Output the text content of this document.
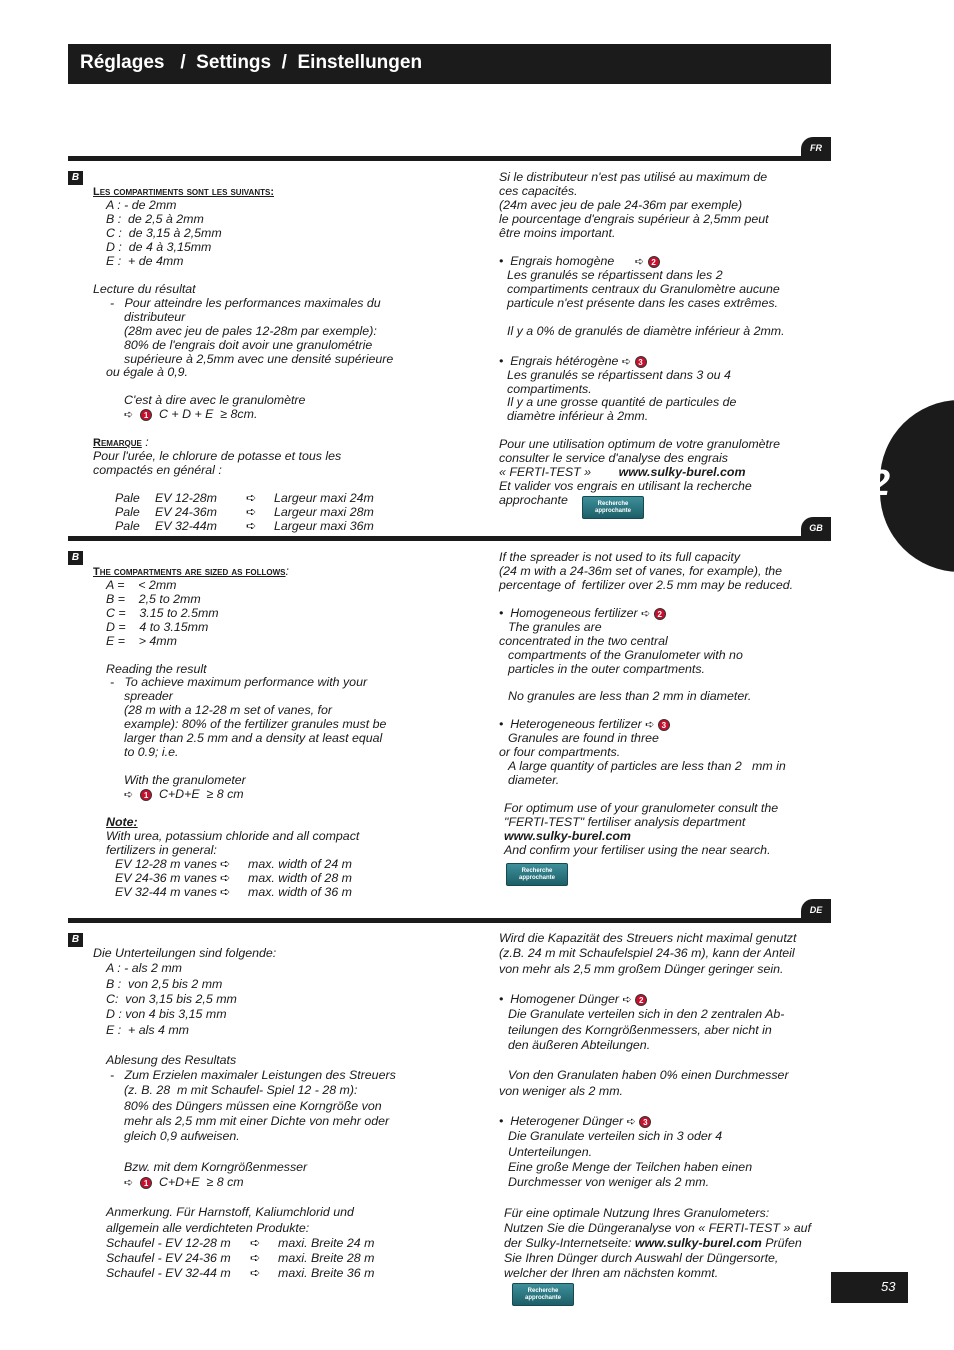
Réglages   /  Settings  /  Einstellungen
2
FR
B
Les compartiments sont les suivants:
A : - de 2mm
B :  de 2,5 à 2mm
C :  de 3,15 à 2,5mm
D :  de 4 à 3,15mm
E :  + de 4mm
Lecture du résultat
-   Pour atteindre les performances maximales du
distributeur
(28m avec jeu de pales 12-28m par exemple):
80% de l'engrais doit avoir une granulométrie
supérieure à 2,5mm avec une densité supérieure
ou égale à 0,9.
C'est à dire avec le granulomètre
➪ 1 C + D + E  ≥ 8cm.
Remarque :
Pour l'urée, le chlorure de potasse et tous les
compactés en général :
Pale EV 12-28m ➪ Largeur maxi 24m
Pale EV 24-36m ➪ Largeur maxi 28m
Pale EV 32-44m ➪ Largeur maxi 36m
Si le distributeur n'est pas utilisé au maximum de
ces capacités.
(24m avec jeu de pale 24-36m par exemple)
le pourcentage d'engrais supérieur à 2,5mm peut
être moins important.
•  Engrais homogène ➪ 2
Les granulés se répartissent dans les 2
compartiments centraux du Granulomètre aucune
particule n'est présente dans les cases extrêmes.
Il y a 0% de granulés de diamètre inférieur à 2mm.
•  Engrais hétérogène ➪ 3
Les granulés se répartissent dans 3 ou 4
compartiments.
Il y a une grosse quantité de particules de
diamètre inférieur à 2mm.
Pour une utilisation optimum de votre granulomètre
consulter le service d'analyse des engrais
« FERTI-TEST » www.sulky-burel.com
Et valider vos engrais en utilisant la recherche
approchante	Recherche
approchante
GB
B
The compartments are sized as follows:
A =    < 2mm
B =    2,5 to 2mm
C =    3.15 to 2.5mm
D =    4 to 3.15mm
E =    > 4mm
Reading the result
-   To achieve maximum performance with your
spreader
(28 m with a 12-28 m set of vanes, for
example): 80% of the fertilizer granules must be
larger than 2.5 mm and a density at least equal
to 0.9; i.e.
With the granulometer
➪ 1 C+D+E  ≥ 8 cm
Note:
With urea, potassium chloride and all compact
fertilizers in general:
EV 12-28 m vanes ➪ max. width of 24 m
EV 24-36 m vanes ➪ max. width of 28 m
EV 32-44 m vanes ➪ max. width of 36 m
If the spreader is not used to its full capacity
(24 m with a 24-36m set of vanes, for example), the
percentage of  fertilizer over 2.5 mm may be reduced.
•  Homogeneous fertilizer ➪ 2
The granules are
concentrated in the two central
compartments of the Granulometer with no
particles in the outer compartments.
No granules are less than 2 mm in diameter.
•  Heterogeneous fertilizer ➪ 3
Granules are found in three
or four compartments.
A large quantity of particles are less than 2   mm in
diameter.
For optimum use of your granulometer consult the
"FERTI-TEST" fertiliser analysis department
www.sulky-burel.com
And confirm your fertiliser using the near search.
Recherche
approchante
DE
B
Die Unterteilungen sind folgende:
A : - als 2 mm
B :  von 2,5 bis 2 mm
C:  von 3,15 bis 2,5 mm
D : von 4 bis 3,15 mm
E :  + als 4 mm
Ablesung des Resultats
-   Zum Erzielen maximaler Leistungen des Streuers
(z. B. 28  m mit Schaufel- Spiel 12 - 28 m):
80% des Düngers müssen eine Korngröße von
mehr als 2,5 mm mit einer Dichte von mehr oder
gleich 0,9 aufweisen.
Bzw. mit dem Korngrößenmesser
➪ 1 C+D+E  ≥ 8 cm
Anmerkung. Für Harnstoff, Kaliumchlorid und
allgemein alle verdichteten Produkte:
Schaufel - EV 12-28 m ➪ maxi. Breite 24 m
Schaufel - EV 24-36 m ➪ maxi. Breite 28 m
Schaufel - EV 32-44 m ➪ maxi. Breite 36 m
Wird die Kapazität des Streuers nicht maximal genutzt
(z.B. 24 m mit Schaufelspiel 24-36 m), kann der Anteil
von mehr als 2,5 mm großem Dünger geringer sein.
•  Homogener Dünger ➪ 2
Die Granulate verteilen sich in den 2 zentralen Ab-
teilungen des Korngrößenmessers, aber nicht in
den äußeren Abteilungen.
Von den Granulaten haben 0% einen Durchmesser
von weniger als 2 mm.
•  Heterogener Dünger ➪ 3
Die Granulate verteilen sich in 3 oder 4
Unterteilungen.
Eine große Menge der Teilchen haben einen
Durchmesser von weniger als 2 mm.
Für eine optimale Nutzung Ihres Granulometers:
Nutzen Sie die Düngeranalyse von « FERTI-TEST » auf
der Sulky-Internetseite: www.sulky-burel.com Prüfen
Sie Ihren Dünger durch Auswahl der Düngersorte,
welcher der Ihren am nächsten kommt.
Recherche
approchante
53
